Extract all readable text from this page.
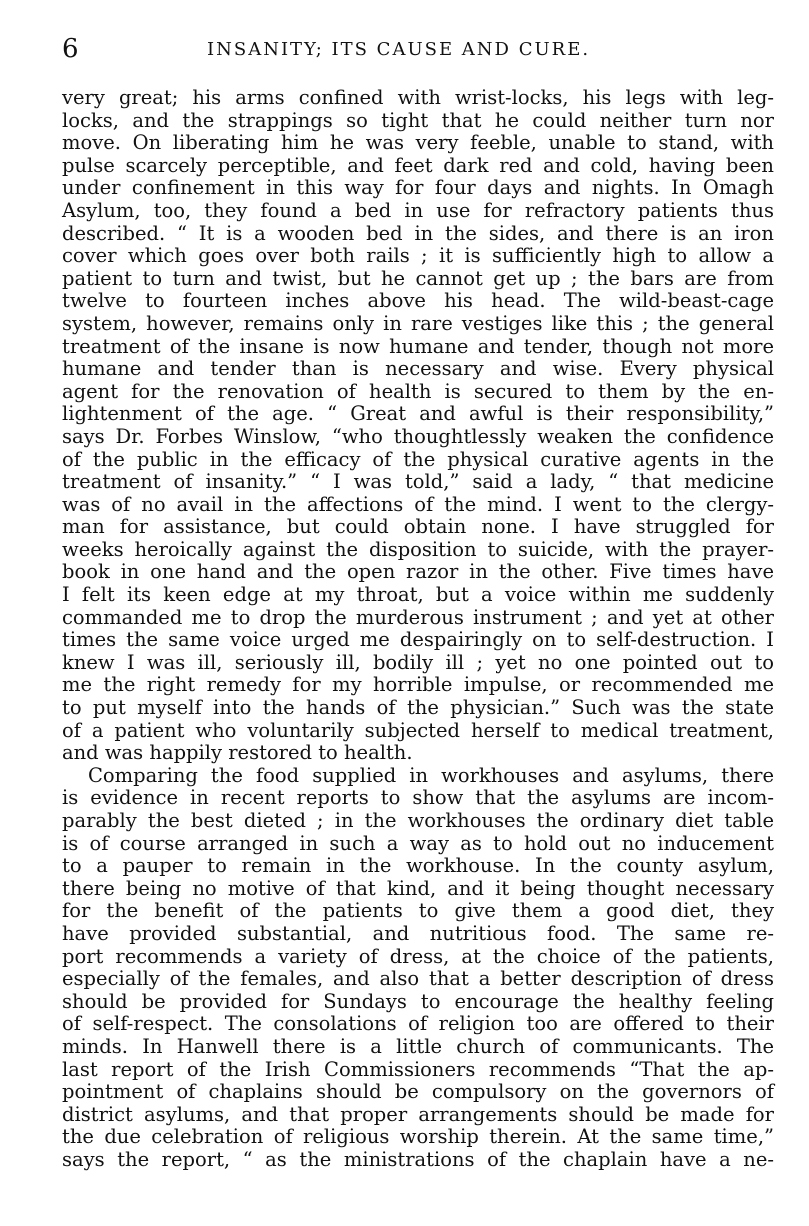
6	INSANITY; ITS CAUSE AND CURE.
very great; his arms confined with wrist-locks, his legs with leg-
locks, and the strappings so tight that he could neither turn nor
move. On liberating him he was very feeble, unable to stand, with
pulse scarcely perceptible, and feet dark red and cold, having been
under confinement in this way for four days and nights. In Omagh
Asylum, too, they found a bed in use for refractory patients thus
described. “ It is a wooden bed in the sides, and there is an iron
cover which goes over both rails ; it is sufficiently high to allow a
patient to turn and twist, but he cannot get up ; the bars are from
twelve to fourteen inches above his head. The wild-beast-cage
system, however, remains only in rare vestiges like this ; the general
treatment of the insane is now humane and tender, though not more
humane and tender than is necessary and wise. Every physical
agent for the renovation of health is secured to them by the en-
lightenment of the age. “ Great and awful is their responsibility,”
says Dr. Forbes Winslow, “who thoughtlessly weaken the confidence
of the public in the efficacy of the physical curative agents in the
treatment of insanity.” “ I was told,” said a lady, “ that medicine
was of no avail in the affections of the mind. I went to the clergy-
man for assistance, but could obtain none. I have struggled for
weeks heroically against the disposition to suicide, with the prayer-
book in one hand and the open razor in the other. Five times have
I felt its keen edge at my throat, but a voice within me suddenly
commanded me to drop the murderous instrument ; and yet at other
times the same voice urged me despairingly on to self-destruction. I
knew I was ill, seriously ill, bodily ill ; yet no one pointed out to
me the right remedy for my horrible impulse, or recommended me
to put myself into the hands of the physician.” Such was the state
of a patient who voluntarily subjected herself to medical treatment,
and was happily restored to health.
Comparing the food supplied in workhouses and asylums, there
is evidence in recent reports to show that the asylums are incom-
parably the best dieted ; in the workhouses the ordinary diet table
is of course arranged in such a way as to hold out no inducement
to a pauper to remain in the workhouse. In the county asylum,
there being no motive of that kind, and it being thought necessary
for the benefit of the patients to give them a good diet, they
have provided substantial, and nutritious food. The same re-
port recommends a variety of dress, at the choice of the patients,
especially of the females, and also that a better description of dress
should be provided for Sundays to encourage the healthy feeling
of self-respect. The consolations of religion too are offered to their
minds. In Hanwell there is a little church of communicants. The
last report of the Irish Commissioners recommends “That the ap-
pointment of chaplains should be compulsory on the governors of
district asylums, and that proper arrangements should be made for
the due celebration of religious worship therein. At the same time,”
says the report, “ as the ministrations of the chaplain have a ne-
